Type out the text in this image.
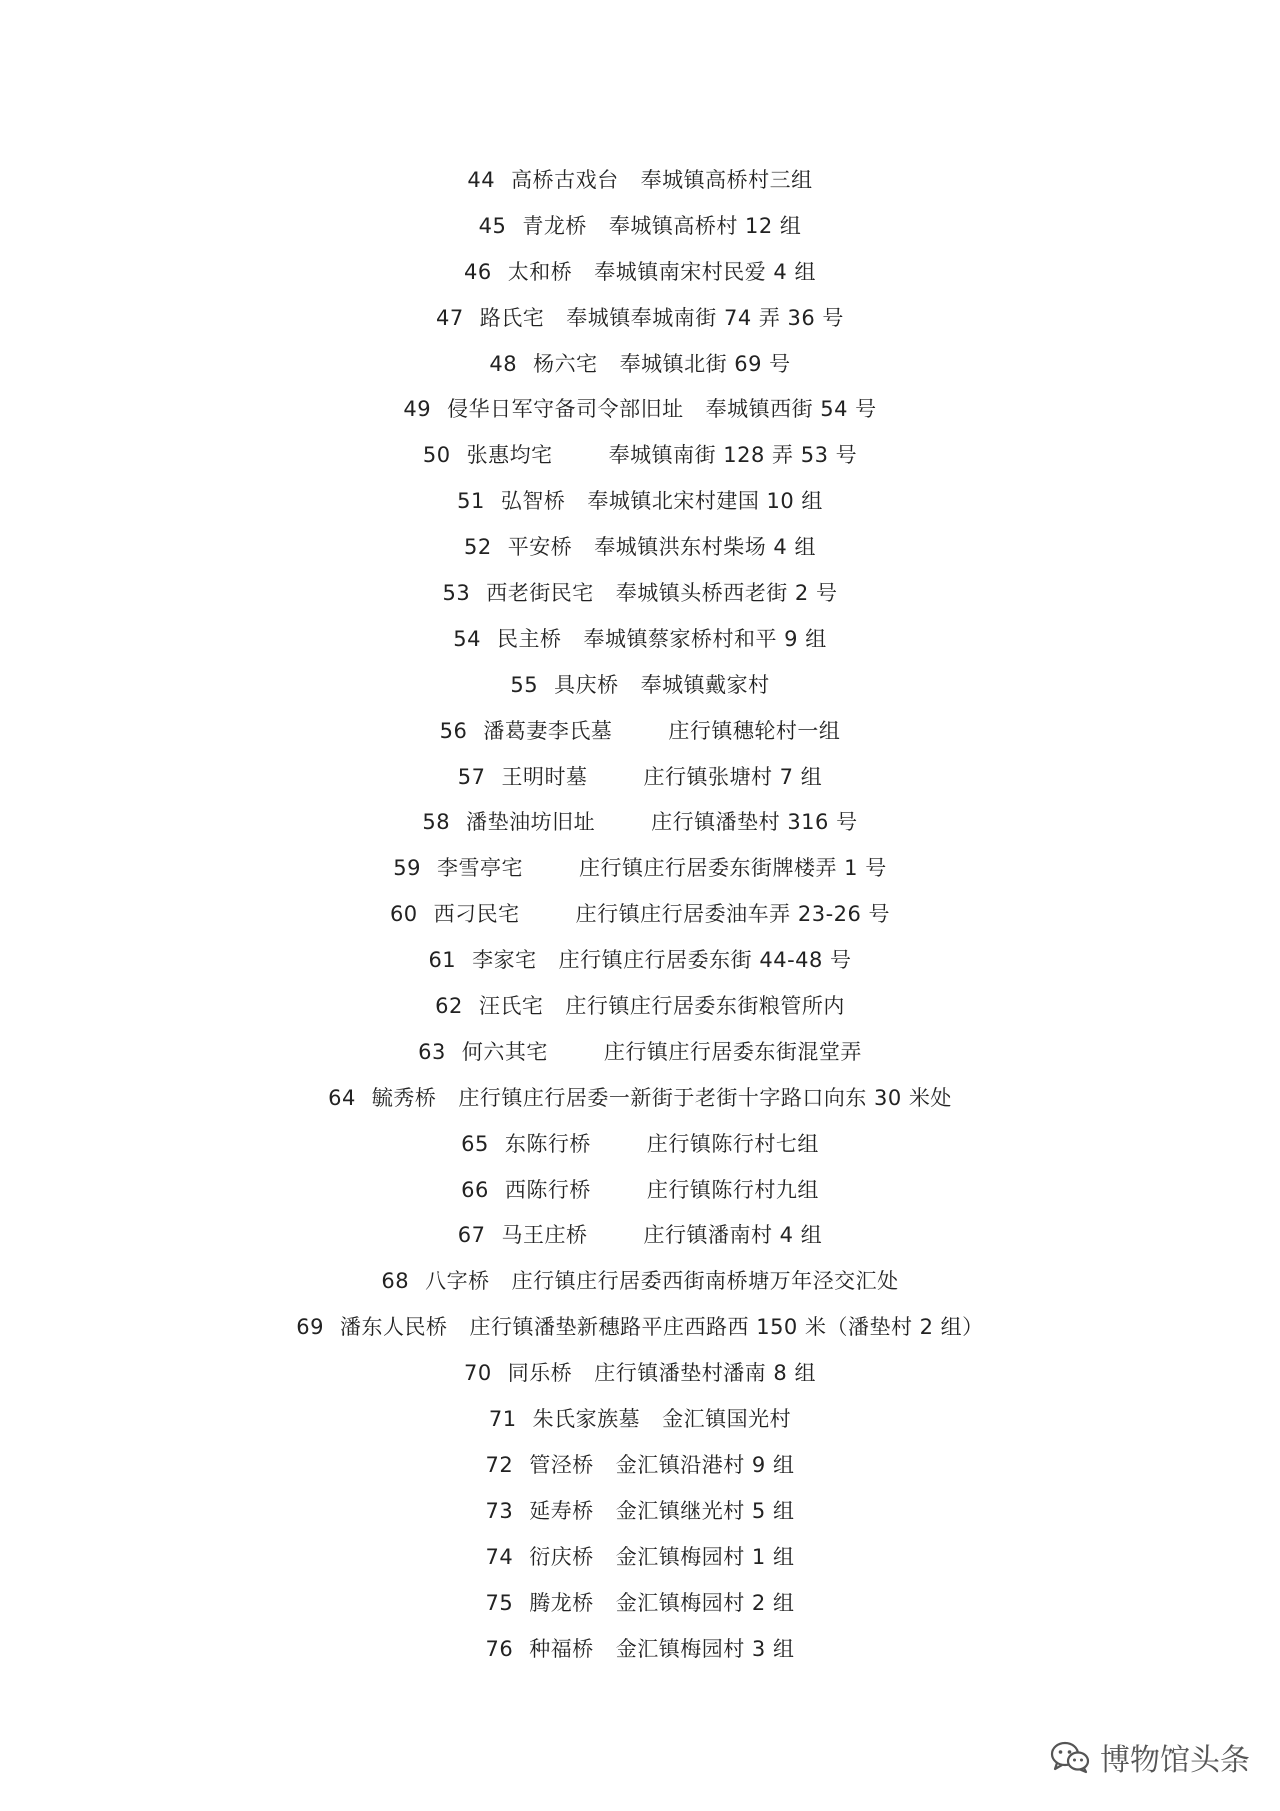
44 高桥古戏台 奉城镇高桥村三组
45 青龙桥 奉城镇高桥村 12 组
46 太和桥 奉城镇南宋村民爱 4 组
47 路氏宅 奉城镇奉城南街 74 弄 36 号
48 杨六宅 奉城镇北街 69 号
49 侵华日军守备司令部旧址 奉城镇西街 54 号
50 张惠均宅	奉城镇南街 128 弄 53 号
51 弘智桥 奉城镇北宋村建国 10 组
52 平安桥 奉城镇洪东村柴场 4 组
53 西老街民宅 奉城镇头桥西老街 2 号
54 民主桥 奉城镇蔡家桥村和平 9 组
55 具庆桥 奉城镇戴家村
56 潘葛妻李氏墓	庄行镇穗轮村一组
57 王明时墓	庄行镇张塘村 7 组
58 潘垫油坊旧址	庄行镇潘垫村 316 号
59 李雪亭宅	庄行镇庄行居委东街牌楼弄 1 号
60 西刁民宅	庄行镇庄行居委油车弄 23-26 号
61 李家宅 庄行镇庄行居委东街 44-48 号
62 汪氏宅 庄行镇庄行居委东街粮管所内
63 何六其宅	庄行镇庄行居委东街混堂弄
64 毓秀桥 庄行镇庄行居委一新街于老街十字路口向东 30 米处
65 东陈行桥	庄行镇陈行村七组
66 西陈行桥	庄行镇陈行村九组
67 马王庄桥	庄行镇潘南村 4 组
68 八字桥 庄行镇庄行居委西街南桥塘万年泾交汇处
69 潘东人民桥 庄行镇潘垫新穗路平庄西路西 150 米（潘垫村 2 组）
70 同乐桥 庄行镇潘垫村潘南 8 组
71 朱氏家族墓 金汇镇国光村
72 管泾桥 金汇镇沿港村 9 组
73 延寿桥 金汇镇继光村 5 组
74 衍庆桥 金汇镇梅园村 1 组
75 腾龙桥 金汇镇梅园村 2 组
76 种福桥 金汇镇梅园村 3 组
博物馆头条
